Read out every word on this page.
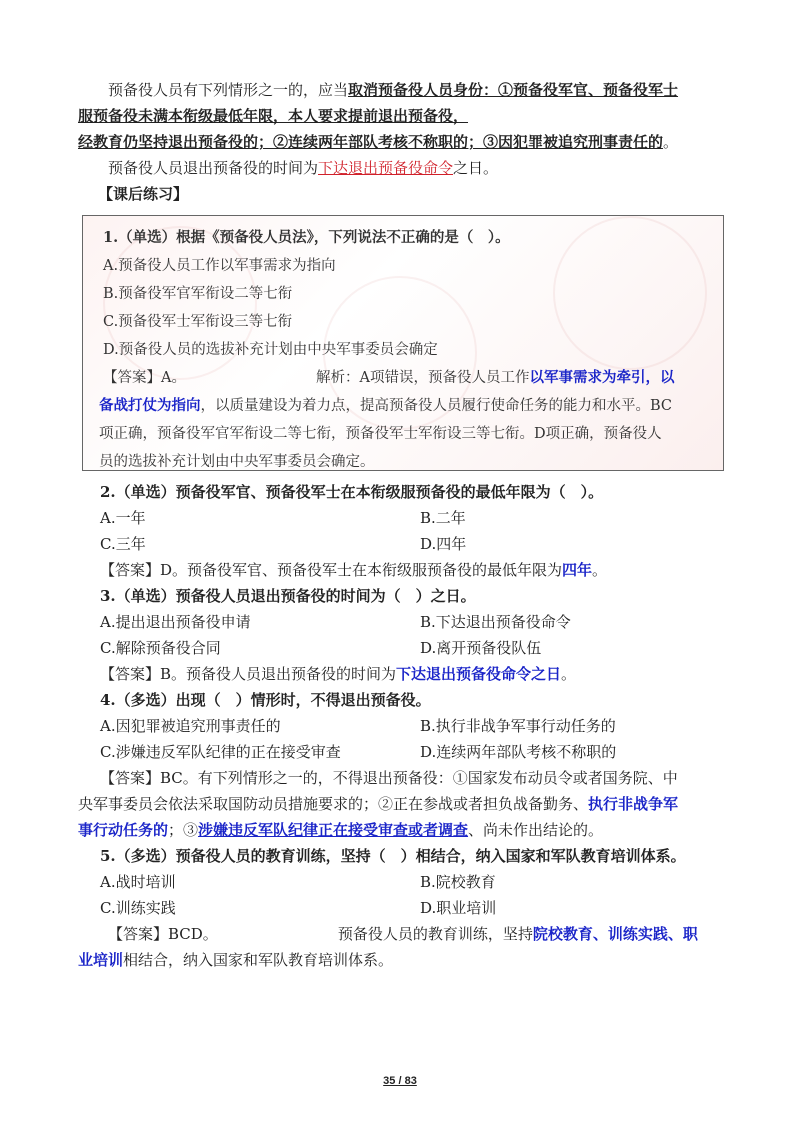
预备役人员有下列情形之一的，应当取消预备役人员身份：①预备役军官、预备役军士
服预备役未满本衔级最低年限，本人要求提前退出预备役，
经教育仍坚持退出预备役的；②连续两年部队考核不称职的；③因犯罪被追究刑事责任的。

预备役人员退出预备役的时间为下达退出预备役命令之日。

【课后练习】

1.（单选）根据《预备役人员法》，下列说法不正确的是（　）。

A.预备役人员工作以军事需求为指向

B.预备役军官军衔设二等七衔

C.预备役军士军衔设三等七衔

D.预备役人员的选拔补充计划由中央军事委员会确定

【答案】A。	解析：A项错误，预备役人员工作以军事需求为牵引，以

备战打仗为指向，以质量建设为着力点，提高预备役人员履行使命任务的能力和水平。BC

项正确，预备役军官军衔设二等七衔，预备役军士军衔设三等七衔。D项正确，预备役人

员的选拔补充计划由中央军事委员会确定。

2.（单选）预备役军官、预备役军士在本衔级服预备役的最低年限为（　）。

A.一年	B.二年
C.三年	D.四年

【答案】D。预备役军官、预备役军士在本衔级服预备役的最低年限为四年。

3.（单选）预备役人员退出预备役的时间为（　）之日。

A.提出退出预备役申请	B.下达退出预备役命令
C.解除预备役合同	D.离开预备役队伍

【答案】B。预备役人员退出预备役的时间为下达退出预备役命令之日。

4.（多选）出现（　）情形时，不得退出预备役。

A.因犯罪被追究刑事责任的	B.执行非战争军事行动任务的
C.涉嫌违反军队纪律的正在接受审查	D.连续两年部队考核不称职的

【答案】BC。有下列情形之一的，不得退出预备役：①国家发布动员令或者国务院、中
央军事委员会依法采取国防动员措施要求的；②正在参战或者担负战备勤务、执行非战争军
事行动任务的；③涉嫌违反军队纪律正在接受审查或者调查、尚未作出结论的。

5.（多选）预备役人员的教育训练，坚持（　）相结合，纳入国家和军队教育培训体系。

A.战时培训	B.院校教育
C.训练实践	D.职业培训

【答案】BCD。	预备役人员的教育训练，坚持院校教育、训练实践、职
业培训相结合，纳入国家和军队教育培训体系。

35 / 83
